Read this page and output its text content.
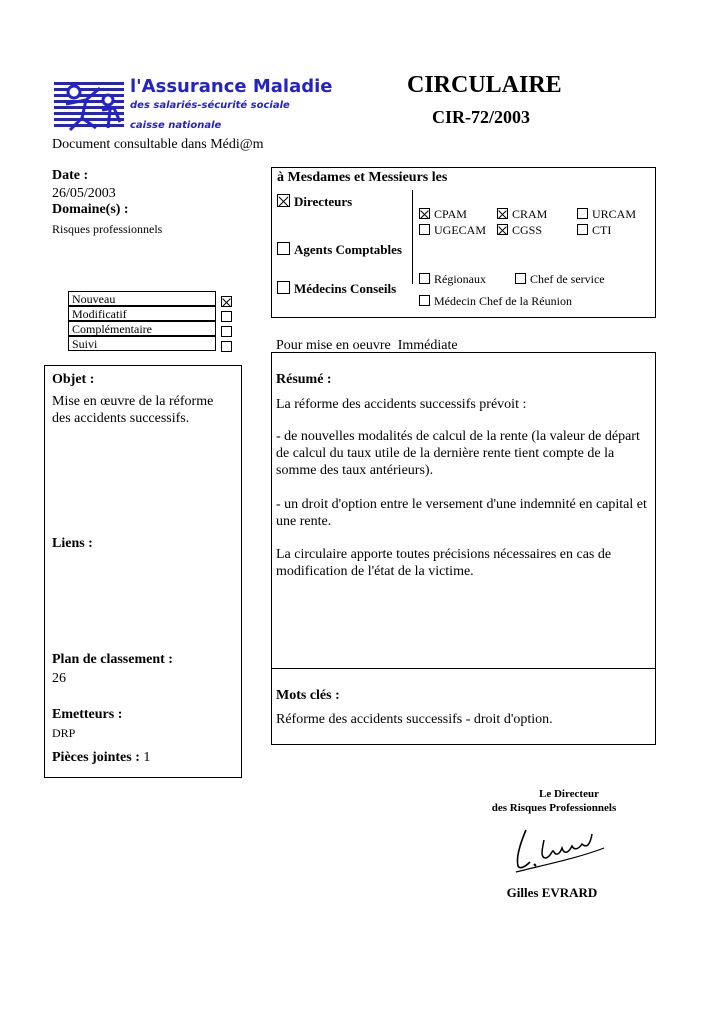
l'Assurance Maladie
des salariés-sécurité sociale
caisse nationale
Document consultable dans Médi@m
CIRCULAIRE
CIR-72/2003
Date :
26/05/2003
Domaine(s) :
Risques professionnels
Nouveau
Modificatif
Complémentaire
Suivi
à Mesdames et Messieurs les
Directeurs
Agents Comptables
Médecins Conseils
CPAM	CRAM	URCAM
UGECAM	CGSS	CTI
Régionaux	Chef de service
Médecin Chef de la Réunion
Pour mise en oeuvre Immédiate
Objet :
Mise en œuvre de la réforme des accidents successifs.
Liens :
Plan de classement :
26
Emetteurs :
DRP
Pièces jointes : 1
Résumé :
La réforme des accidents successifs prévoit :
- de nouvelles modalités de calcul de la rente (la valeur de départ de calcul du taux utile de la dernière rente tient compte de la somme des taux antérieurs).
- un droit d'option entre le versement d'une indemnité en capital et une rente.
La circulaire apporte toutes précisions nécessaires en cas de modification de l'état de la victime.
Mots clés :
Réforme des accidents successifs - droit d'option.
Le Directeur
des Risques Professionnels
Gilles EVRARD
